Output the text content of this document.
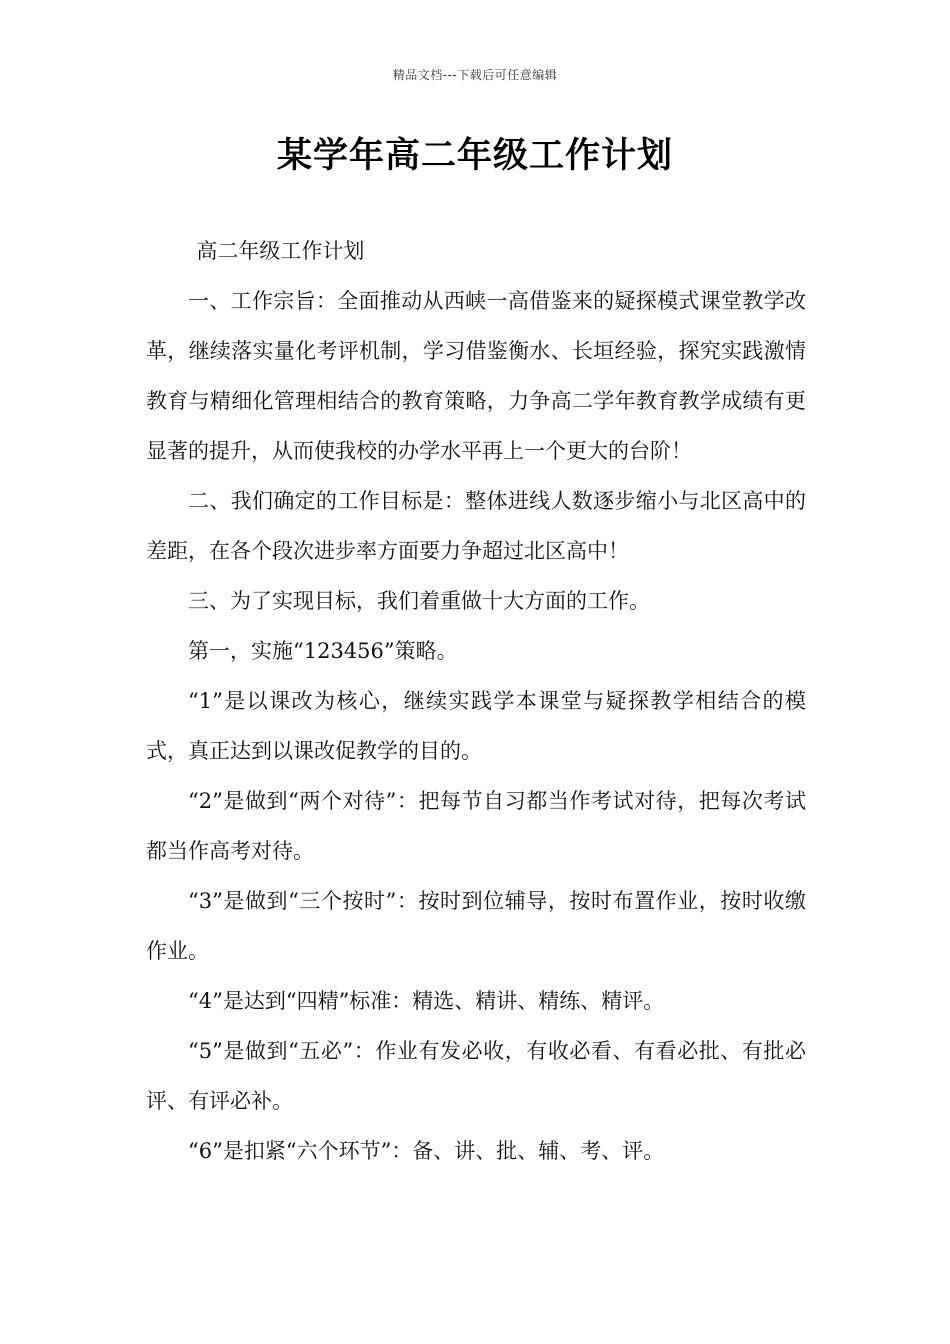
精品文档---下载后可任意编辑
某学年高二年级工作计划

高二年级工作计划

一、工作宗旨：全面推动从西峡一高借鉴来的疑探模式课堂教学改革，继续落实量化考评机制，学习借鉴衡水、长垣经验，探究实践激情教育与精细化管理相结合的教育策略，力争高二学年教育教学成绩有更显著的提升，从而使我校的办学水平再上一个更大的台阶！

二、我们确定的工作目标是：整体进线人数逐步缩小与北区高中的差距，在各个段次进步率方面要力争超过北区高中！

三、为了实现目标，我们着重做十大方面的工作。

第一，实施“123456”策略。

“1”是以课改为核心，继续实践学本课堂与疑探教学相结合的模式，真正达到以课改促教学的目的。

“2”是做到“两个对待”：把每节自习都当作考试对待，把每次考试都当作高考对待。

“3”是做到“三个按时”：按时到位辅导，按时布置作业，按时收缴作业。

“4”是达到“四精”标准：精选、精讲、精练、精评。

“5”是做到“五必”：作业有发必收，有收必看、有看必批、有批必评、有评必补。

“6”是扣紧“六个环节”：备、讲、批、辅、考、评。
